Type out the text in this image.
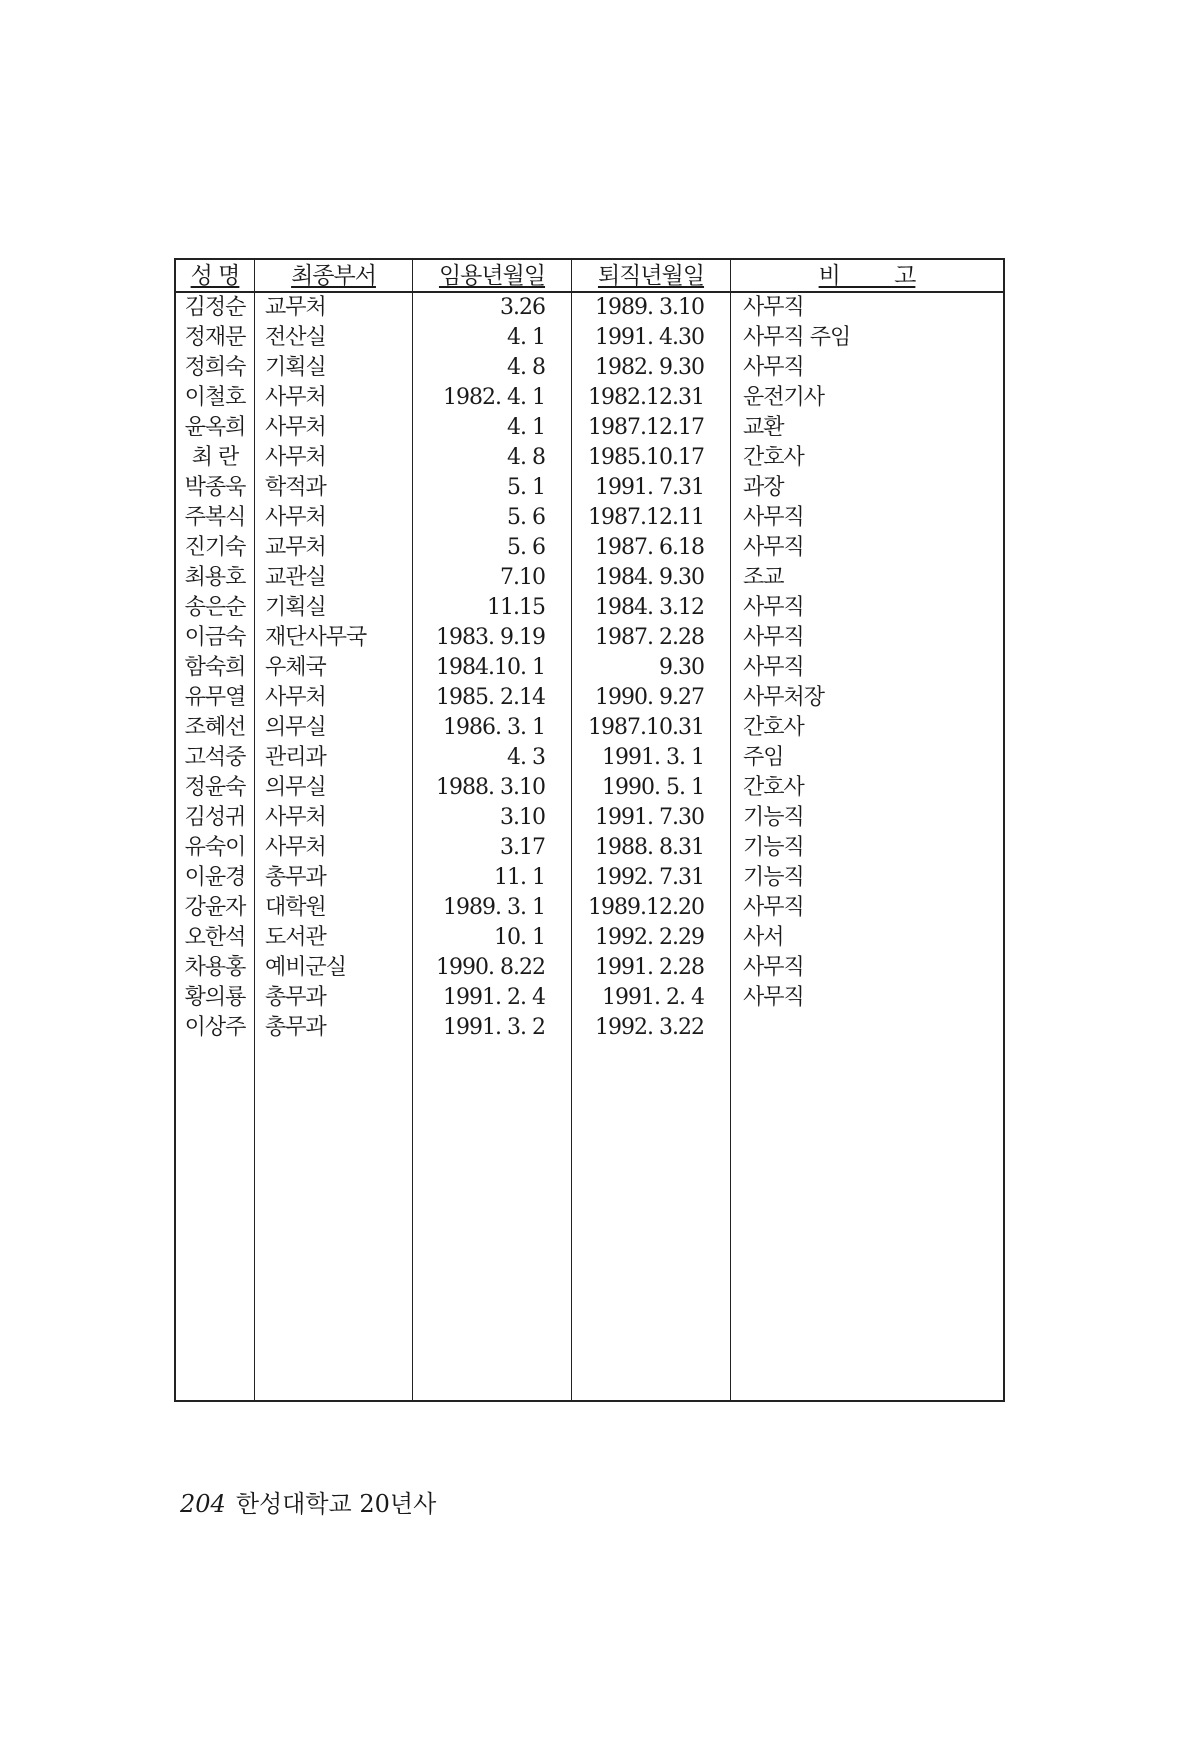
성 명	최종부서	임용년월일	퇴직년월일	비 고
김정순	교무처	3.26	1989. 3.10	사무직
정재문	전산실	4. 1	1991. 4.30	사무직 주임
정희숙	기획실	4. 8	1982. 9.30	사무직
이철호	사무처	1982. 4. 1	1982.12.31	운전기사
윤옥희	사무처	4. 1	1987.12.17	교환
최 란	사무처	4. 8	1985.10.17	간호사
박종욱	학적과	5. 1	1991. 7.31	과장
주복식	사무처	5. 6	1987.12.11	사무직
진기숙	교무처	5. 6	1987. 6.18	사무직
최용호	교관실	7.10	1984. 9.30	조교
송은순	기획실	11.15	1984. 3.12	사무직
이금숙	재단사무국	1983. 9.19	1987. 2.28	사무직
함숙희	우체국	1984.10. 1	9.30	사무직
유무열	사무처	1985. 2.14	1990. 9.27	사무처장
조혜선	의무실	1986. 3. 1	1987.10.31	간호사
고석중	관리과	4. 3	1991. 3. 1	주임
정윤숙	의무실	1988. 3.10	1990. 5. 1	간호사
김성귀	사무처	3.10	1991. 7.30	기능직
유숙이	사무처	3.17	1988. 8.31	기능직
이윤경	총무과	11. 1	1992. 7.31	기능직
강윤자	대학원	1989. 3. 1	1989.12.20	사무직
오한석	도서관	10. 1	1992. 2.29	사서
차용홍	예비군실	1990. 8.22	1991. 2.28	사무직
황의룡	총무과	1991. 2. 4	1991. 2. 4	사무직
이상주	총무과	1991. 3. 2	1992. 3.22	

204 한성대학교 20년사
